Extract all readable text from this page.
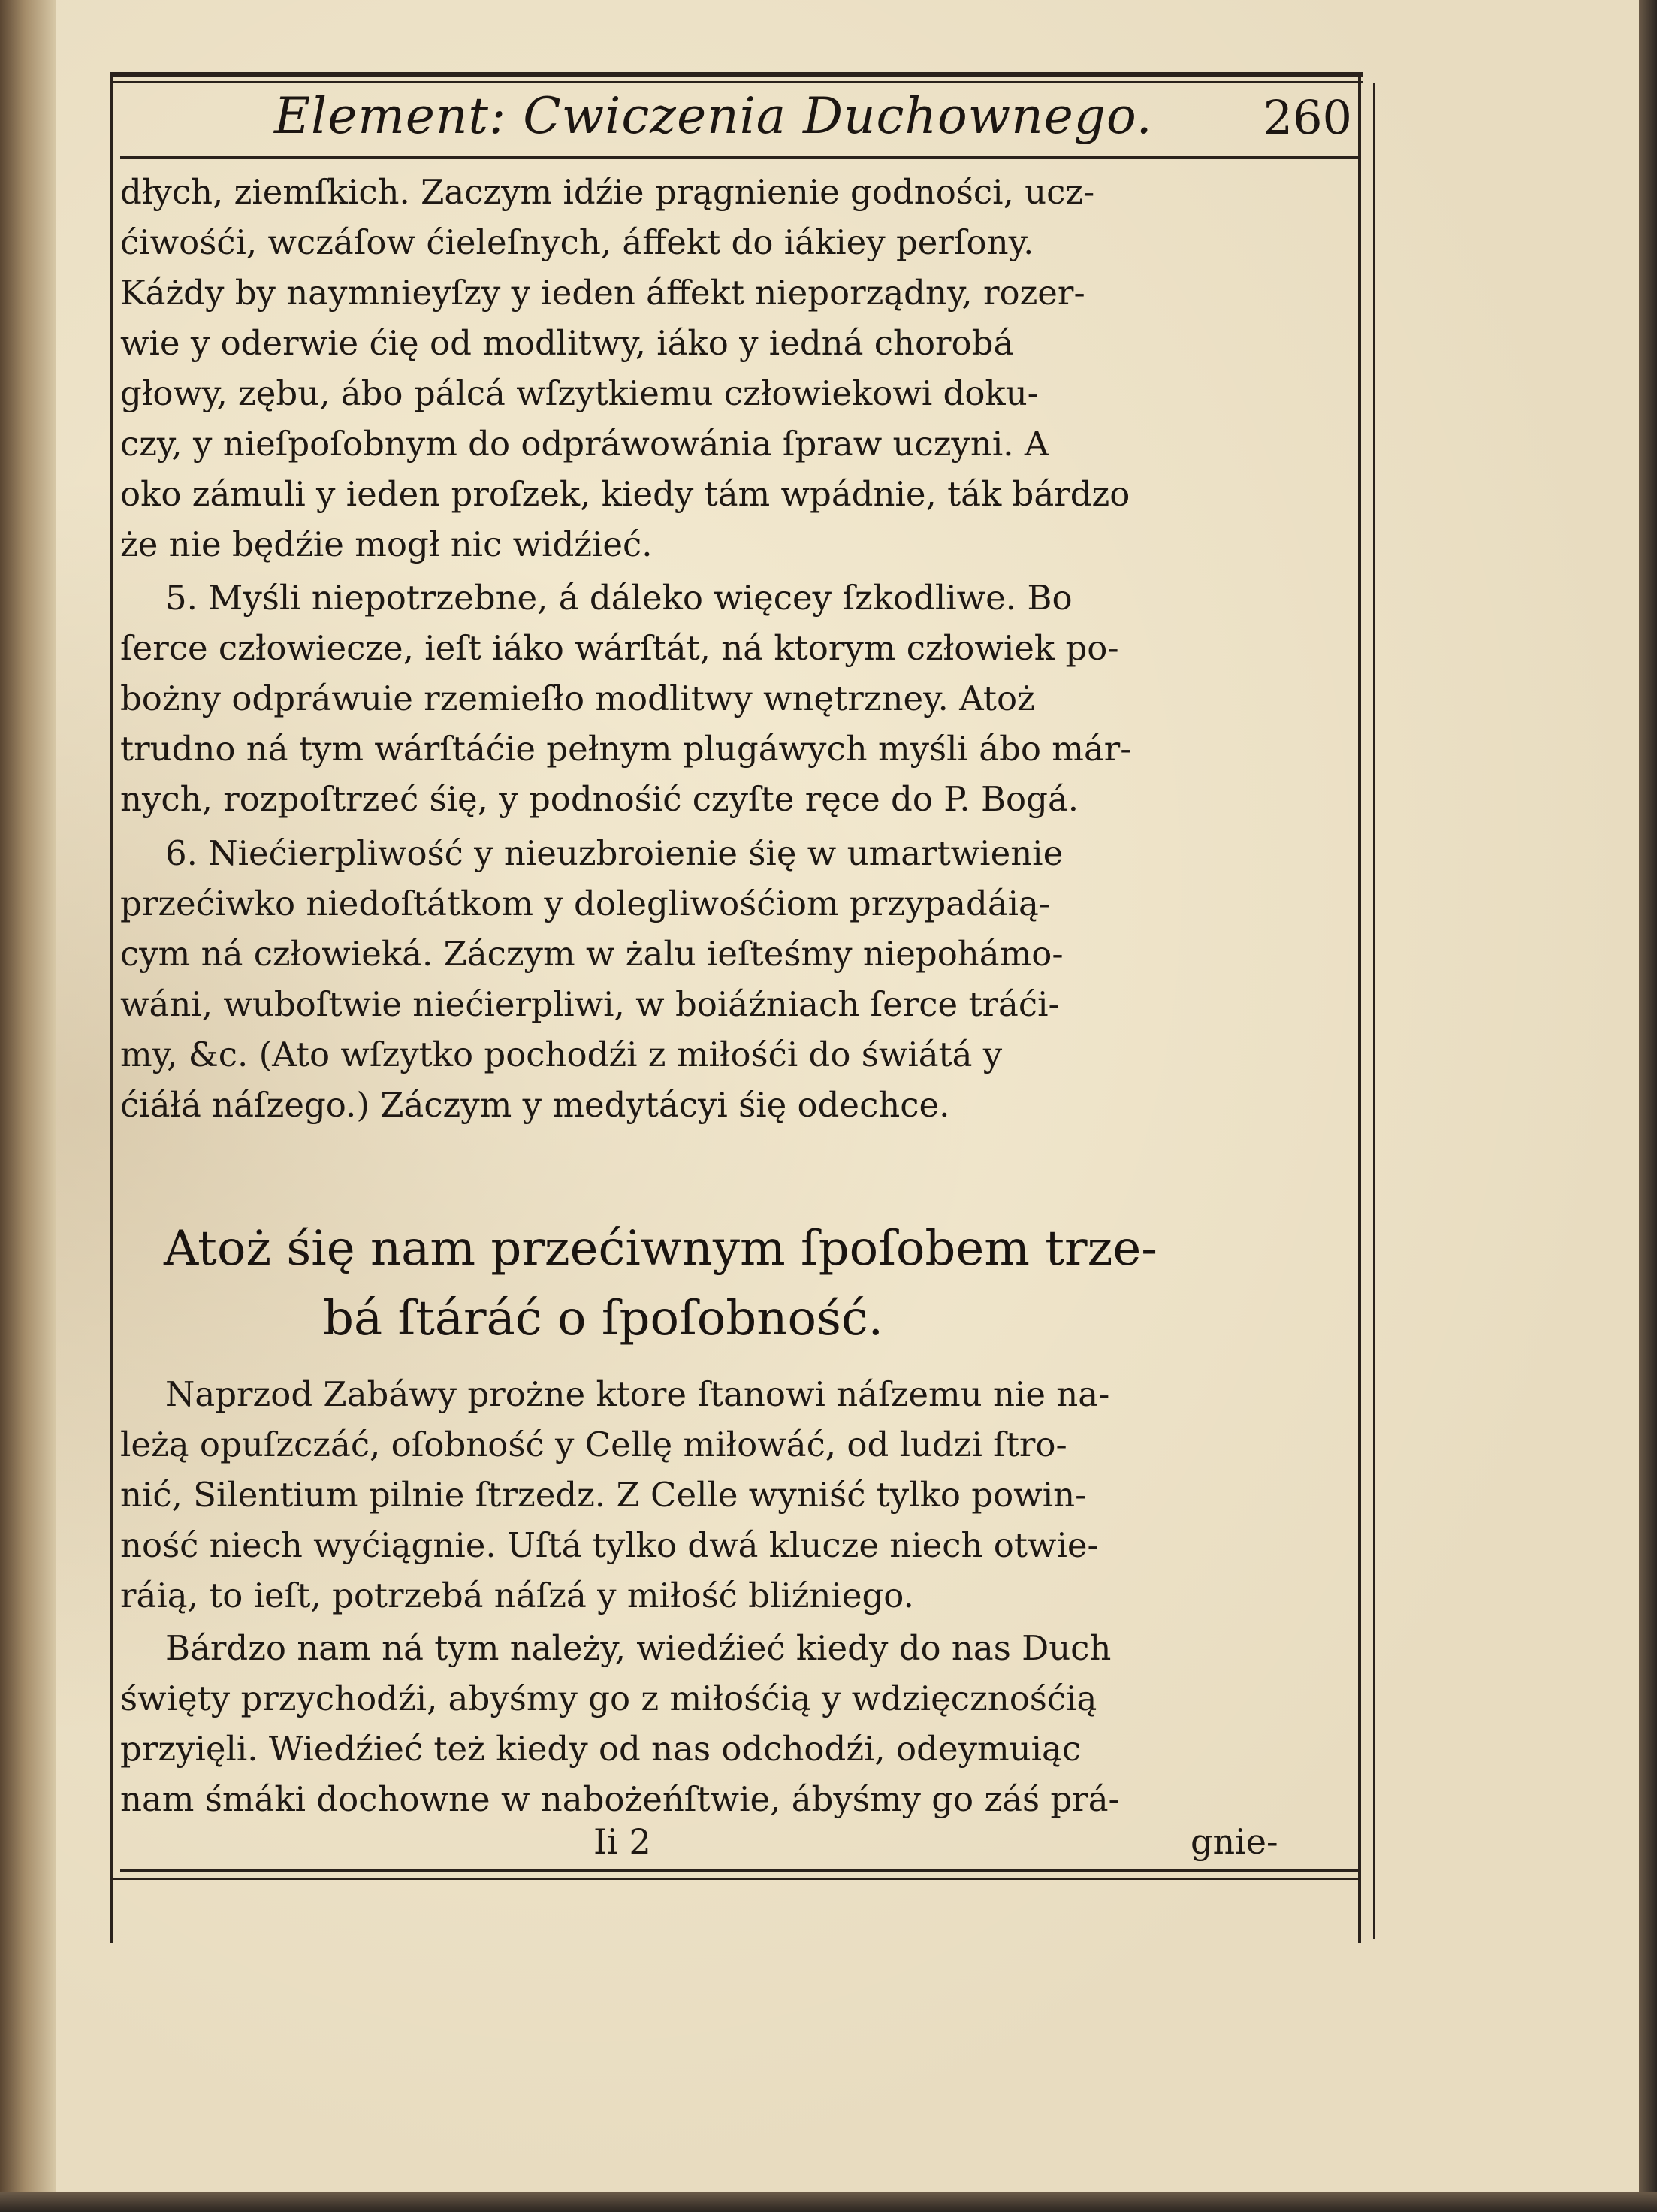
Element: Cwiczenia Duchownego. 260
dłych, ziemſkich. Zaczym idźie prągnienie godności, ucz-
ćiwośći, wczáſow ćieleſnych, áffekt do iákiey perſony.
Káżdy by naymnieyſzy y ieden áffekt nieporządny, rozer-
wie y oderwie ćię od modlitwy, iáko y iedná chorobá
głowy, zębu, ábo pálcá wſzytkiemu człowiekowi doku-
czy, y nieſpoſobnym do odpráwowánia ſpraw uczyni. A
oko zámuli y ieden proſzek, kiedy tám wpádnie, ták bárdzo
że nie będźie mogł nic widźieć.
5. Myśli niepotrzebne, á dáleko więcey ſzkodliwe. Bo
ſerce człowiecze, ieſt iáko wárſtát, ná ktorym człowiek po-
bożny odpráwuie rzemieſło modlitwy wnętrzney. Atoż
trudno ná tym wárſtáćie pełnym plugáwych myśli ábo már-
nych, rozpoſtrzeć śię, y podnośić czyſte ręce do P. Bogá.
6. Niećierpliwość y nieuzbroienie śię w umartwienie
przećiwko niedoſtátkom y dolegliwośćiom przypadáią-
cym ná człowieká. Záczym w żalu ieſteśmy niepohámo-
wáni, wuboſtwie niećierpliwi, w boiáźniach ſerce tráći-
my, &c. (Ato wſzytko pochodźi z miłośći do świátá y
ćiáłá náſzego.) Záczym y medytácyi śię odechce.
Atoż śię nam przećiwnym ſpoſobem trze-
bá ſtáráć o ſpoſobność.
Naprzod Zabáwy prożne ktore ſtanowi náſzemu nie na-
leżą opuſzczáć, oſobność y Cellę miłowáć, od ludzi ſtro-
nić, Silentium pilnie ſtrzedz. Z Celle wyniść tylko powin-
ność niech wyćiągnie. Uſtá tylko dwá klucze niech otwie-
ráią, to ieſt, potrzebá náſzá y miłość bliźniego.
Bárdzo nam ná tym należy, wiedźieć kiedy do nas Duch
święty przychodźi, abyśmy go z miłośćią y wdzięcznośćią
przyięli. Wiedźieć też kiedy od nas odchodźi, odeymuiąc
nam śmáki dochowne w nabożeńſtwie, ábyśmy go záś prá-
Ii 2	gnie-
